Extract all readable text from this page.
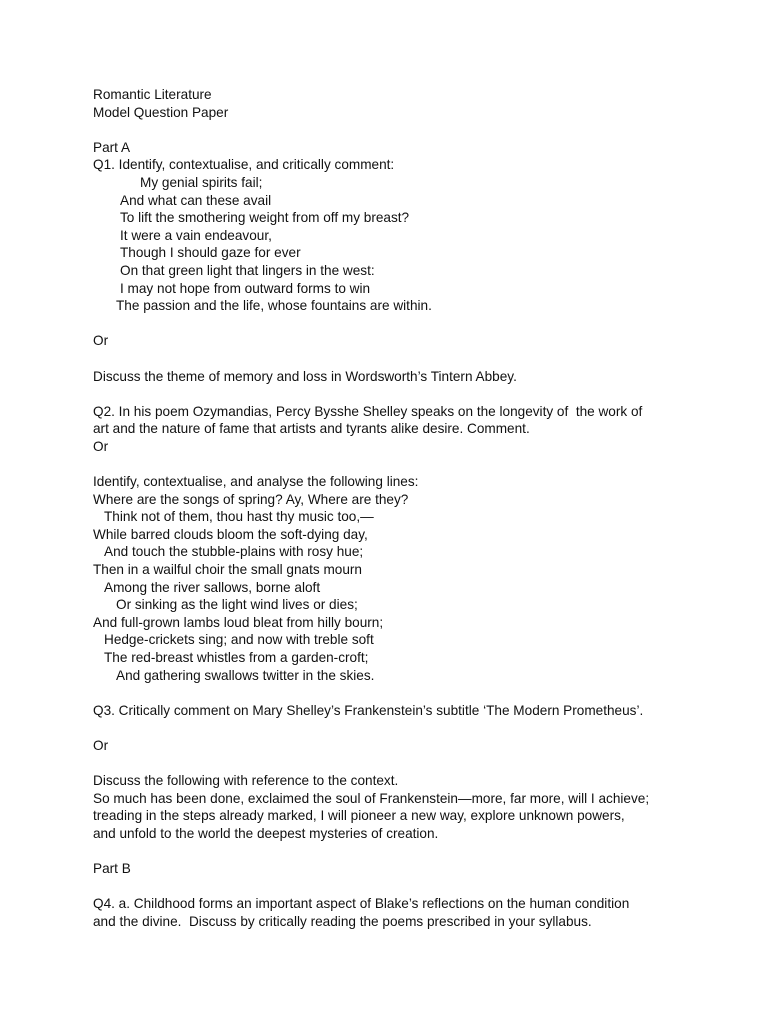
Romantic Literature
Model Question Paper
Part A
Q1. Identify, contextualise, and critically comment:
My genial spirits fail;
And what can these avail
To lift the smothering weight from off my breast?
It were a vain endeavour,
Though I should gaze for ever
On that green light that lingers in the west:
I may not hope from outward forms to win
The passion and the life, whose fountains are within.
Or
Discuss the theme of memory and loss in Wordsworth’s Tintern Abbey.
Q2. In his poem Ozymandias, Percy Bysshe Shelley speaks on the longevity of  the work of
art and the nature of fame that artists and tyrants alike desire. Comment.
Or
Identify, contextualise, and analyse the following lines:
Where are the songs of spring? Ay, Where are they?
Think not of them, thou hast thy music too,—
While barred clouds bloom the soft-dying day,
And touch the stubble-plains with rosy hue;
Then in a wailful choir the small gnats mourn
Among the river sallows, borne aloft
Or sinking as the light wind lives or dies;
And full-grown lambs loud bleat from hilly bourn;
Hedge-crickets sing; and now with treble soft
The red-breast whistles from a garden-croft;
And gathering swallows twitter in the skies.
Q3. Critically comment on Mary Shelley’s Frankenstein’s subtitle ‘The Modern Prometheus’.
Or
Discuss the following with reference to the context.
So much has been done, exclaimed the soul of Frankenstein—more, far more, will I achieve;
treading in the steps already marked, I will pioneer a new way, explore unknown powers,
and unfold to the world the deepest mysteries of creation.
Part B
Q4. a. Childhood forms an important aspect of Blake’s reflections on the human condition
and the divine.  Discuss by critically reading the poems prescribed in your syllabus.
